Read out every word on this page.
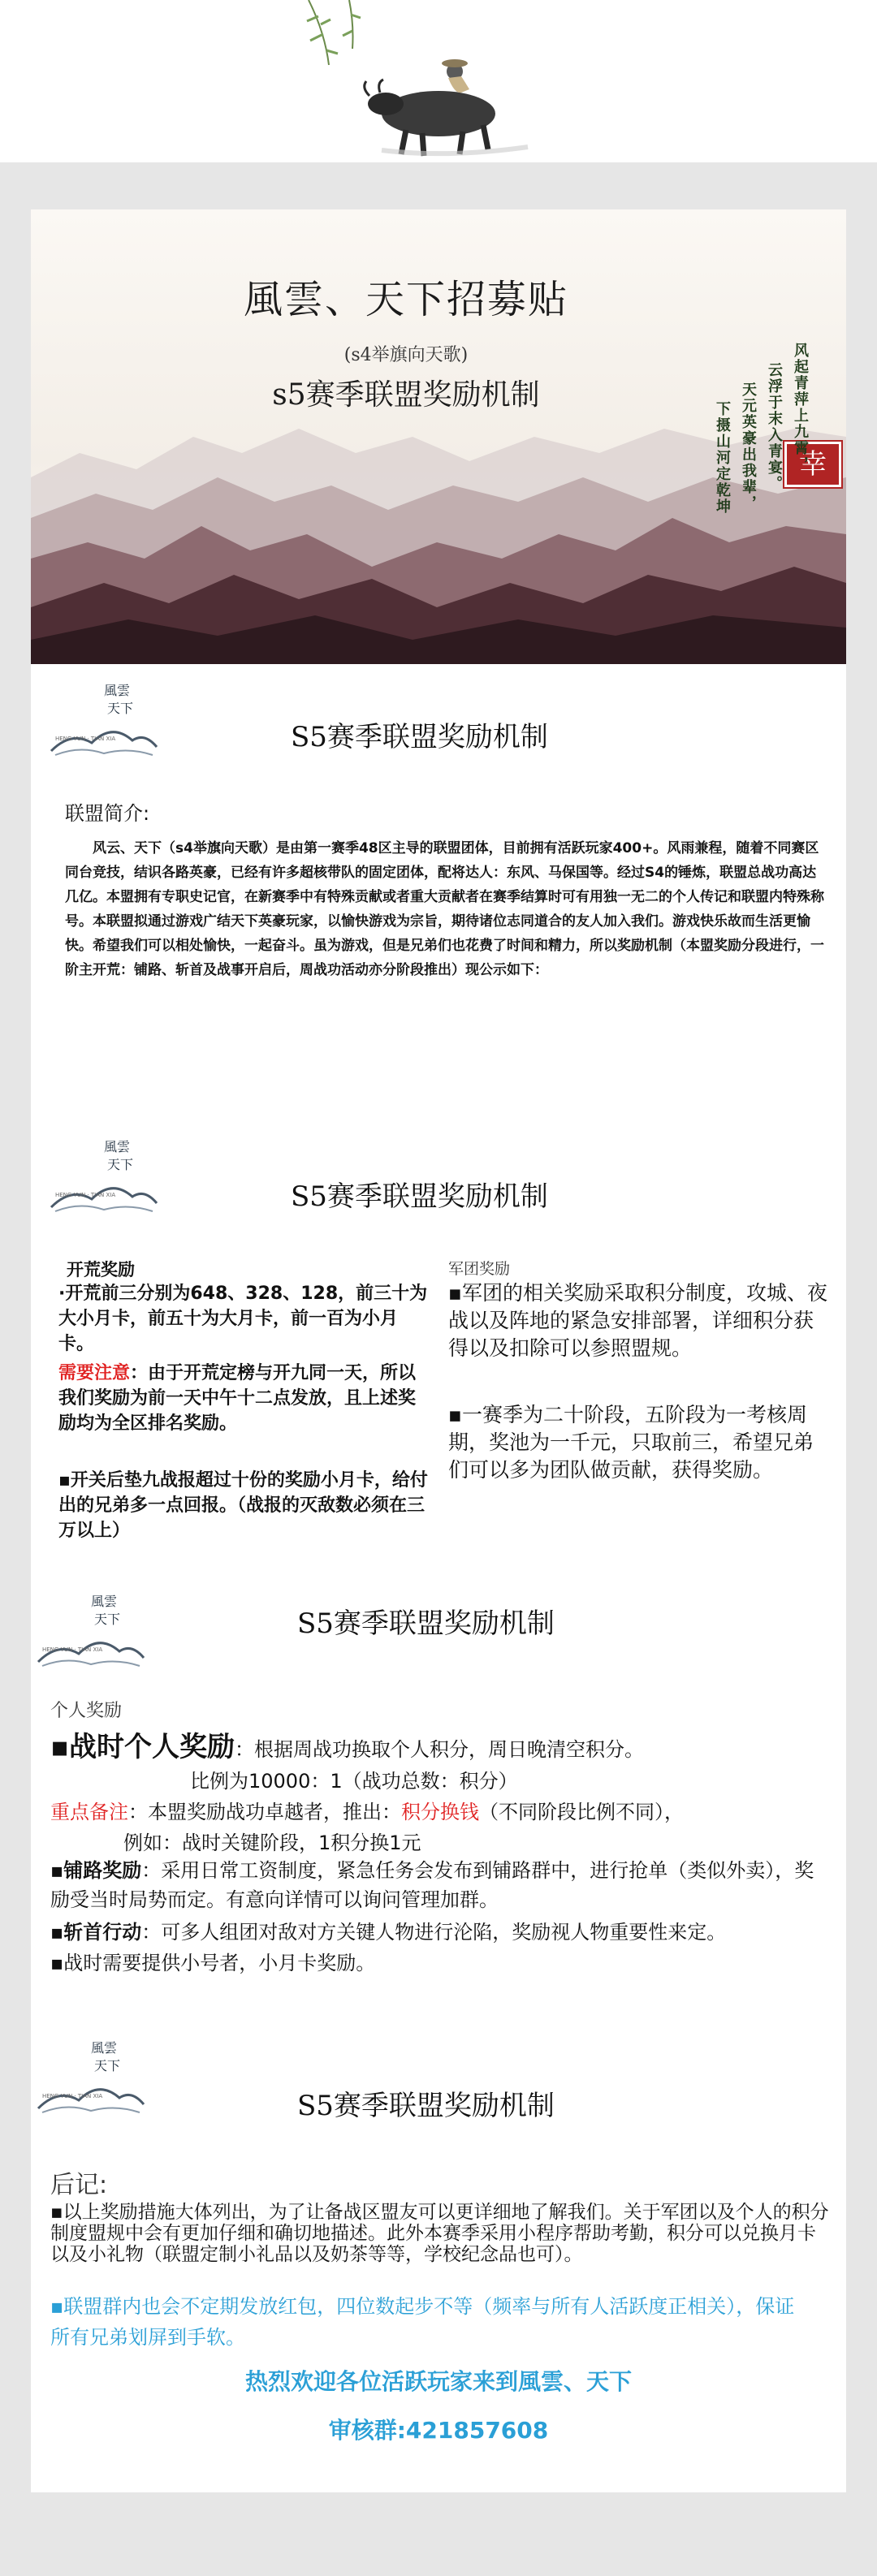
幸
風雲、天下招募贴
(s4举旗向天歌)
s5赛季联盟奖励机制	风起青萍上九霄，
云浮于末入青宴。
天元英豪出我辈，
下摄山河定乾坤
風雲
天下
HENG YUN · TIAN XIA	S5赛季联盟奖励机制
联盟简介:
风云、天下（s4举旗向天歌）是由第一赛季48区主导的联盟团体，目前拥有活跃玩家400+。风雨兼程，随着不同赛区同台竞技，结识各路英豪，已经有许多超核带队的固定团体，配将达人：东风、马保国等。经过S4的锤炼，联盟总战功高达几亿。本盟拥有专职史记官，在新赛季中有特殊贡献或者重大贡献者在赛季结算时可有用独一无二的个人传记和联盟内特殊称号。本联盟拟通过游戏广结天下英豪玩家，以愉快游戏为宗旨，期待诸位志同道合的友人加入我们。游戏快乐故而生活更愉快。希望我们可以相处愉快，一起奋斗。虽为游戏，但是兄弟们也花费了时间和精力，所以奖励机制（本盟奖励分段进行，一阶主开荒：铺路、斩首及战事开启后，周战功活动亦分阶段推出）现公示如下：
風雲
天下
HENG YUN · TIAN XIA	S5赛季联盟奖励机制
开荒奖励
·开荒前三分别为648、328、128，前三十为大小月卡，前五十为大月卡，前一百为小月卡。
需要注意：由于开荒定榜与开九同一天，所以我们奖励为前一天中午十二点发放，且上述奖励均为全区排名奖励。
▪开关后垫九战报超过十份的奖励小月卡，给付出的兄弟多一点回报。（战报的灭敌数必须在三万以上）
军团奖励
▪军团的相关奖励采取积分制度，攻城、夜战以及阵地的紧急安排部署，详细积分获得以及扣除可以参照盟规。
▪一赛季为二十阶段，五阶段为一考核周期，奖池为一千元，只取前三，希望兄弟们可以多为团队做贡献，获得奖励。
風雲
天下
HENG YUN · TIAN XIA
S5赛季联盟奖励机制
个人奖励
▪战时个人奖励：根据周战功换取个人积分，周日晚清空积分。
比例为10000：1（战功总数：积分）
重点备注：本盟奖励战功卓越者，推出：积分换钱（不同阶段比例不同），
例如：战时关键阶段，1积分换1元
▪铺路奖励：采用日常工资制度，紧急任务会发布到铺路群中，进行抢单（类似外卖），奖励受当时局势而定。有意向详情可以询问管理加群。
▪斩首行动：可多人组团对敌对方关键人物进行沦陷，奖励视人物重要性来定。
▪战时需要提供小号者，小月卡奖励。
風雲
天下
HENG YUN · TIAN XIA	S5赛季联盟奖励机制
后记:
▪以上奖励措施大体列出，为了让备战区盟友可以更详细地了解我们。关于军团以及个人的积分制度盟规中会有更加仔细和确切地描述。此外本赛季采用小程序帮助考勤，积分可以兑换月卡以及小礼物（联盟定制小礼品以及奶茶等等，学校纪念品也可）。
▪联盟群内也会不定期发放红包，四位数起步不等（频率与所有人活跃度正相关），保证所有兄弟划屏到手软。
热烈欢迎各位活跃玩家来到風雲、天下
审核群:421857608
